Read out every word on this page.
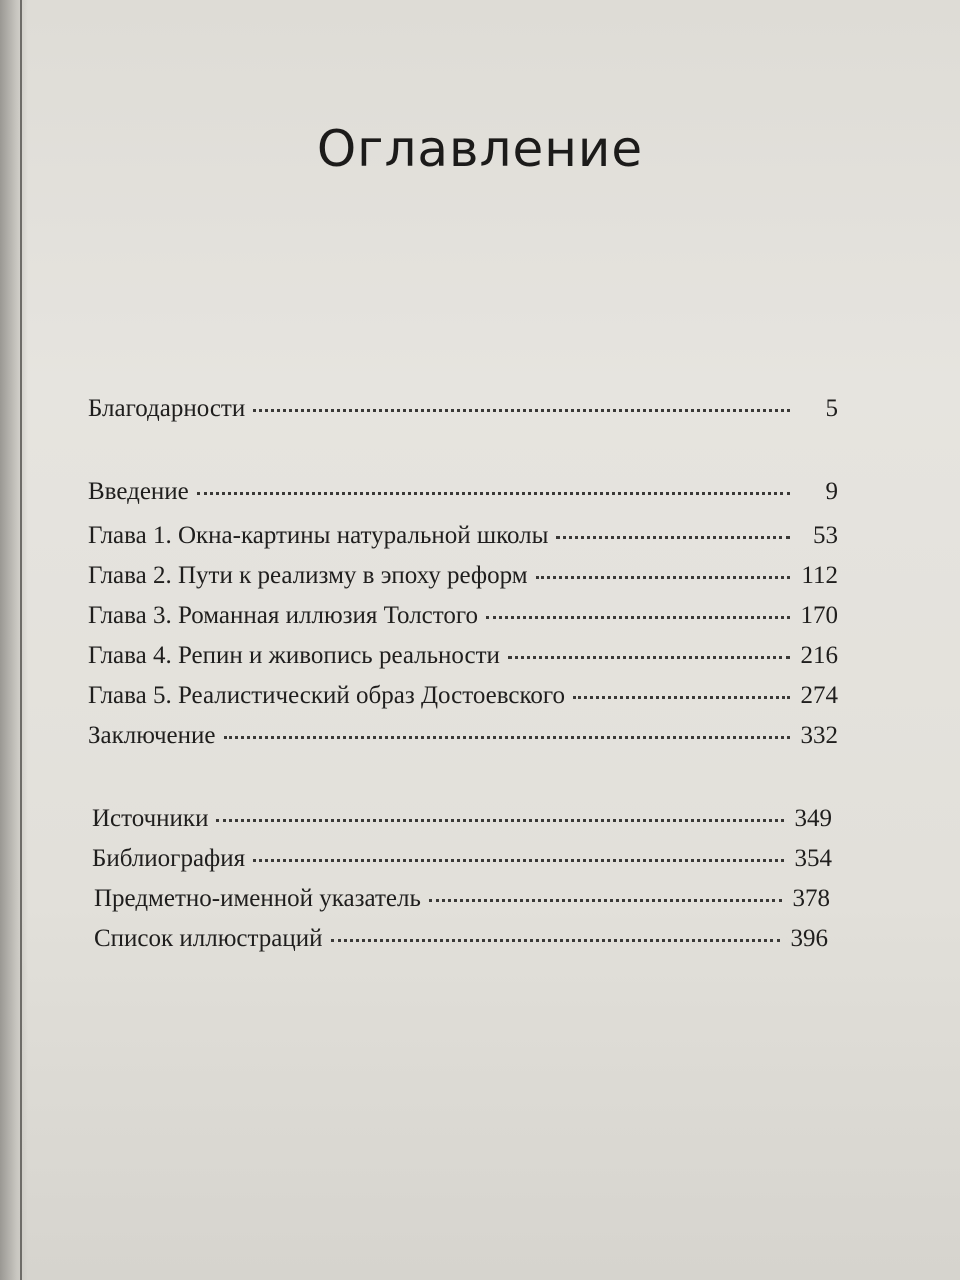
Оглавление
Благодарности	5
Введение	9
Глава 1. Окна-картины натуральной школы	53
Глава 2. Пути к реализму в эпоху реформ	112
Глава 3. Романная иллюзия Толстого	170
Глава 4. Репин и живопись реальности	216
Глава 5. Реалистический образ Достоевского	274
Заключение	332
Источники	349
Библиография	354
Предметно-именной указатель	378
Список иллюстраций	396
